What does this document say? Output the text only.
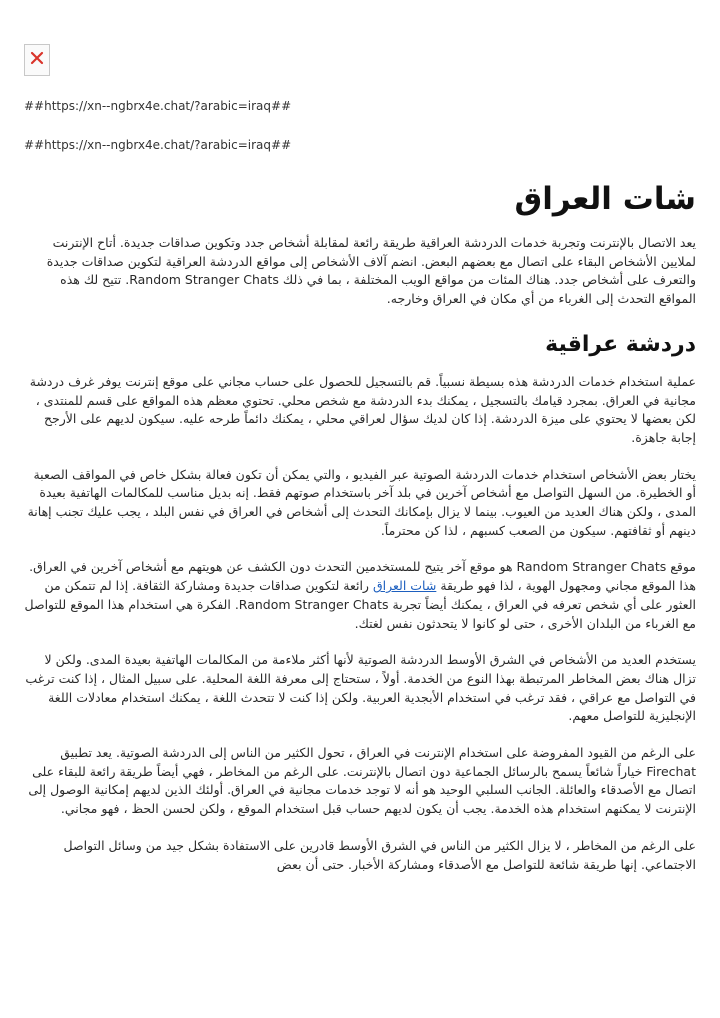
##https://xn--ngbrx4e.chat/?arabic=iraq##
##https://xn--ngbrx4e.chat/?arabic=iraq##
شات العراق

يعد الاتصال بالإنترنت وتجربة خدمات الدردشة العراقية طريقة رائعة لمقابلة أشخاص جدد وتكوين صداقات جديدة. أتاح الإنترنت لملايين الأشخاص البقاء على اتصال مع بعضهم البعض. انضم آلاف الأشخاص إلى مواقع الدردشة العراقية لتكوين صداقات جديدة والتعرف على أشخاص جدد. هناك المئات من مواقع الويب المختلفة ، بما في ذلك Random Stranger Chats. تتيح لك هذه المواقع التحدث إلى الغرباء من أي مكان في العراق وخارجه.

دردشة عراقية

عملية استخدام خدمات الدردشة هذه بسيطة نسبياً. قم بالتسجيل للحصول على حساب مجاني على موقع إنترنت يوفر غرف دردشة مجانية في العراق. بمجرد قيامك بالتسجيل ، يمكنك بدء الدردشة مع شخص محلي. تحتوي معظم هذه المواقع على قسم للمنتدى ، لكن بعضها لا يحتوي على ميزة الدردشة. إذا كان لديك سؤال لعراقي محلي ، يمكنك دائماً طرحه عليه. سيكون لديهم على الأرجح إجابة جاهزة.

يختار بعض الأشخاص استخدام خدمات الدردشة الصوتية عبر الفيديو ، والتي يمكن أن تكون فعالة بشكل خاص في المواقف الصعبة أو الخطيرة. من السهل التواصل مع أشخاص آخرين في بلد آخر باستخدام صوتهم فقط. إنه بديل مناسب للمكالمات الهاتفية بعيدة المدى ، ولكن هناك العديد من العيوب. بينما لا يزال بإمكانك التحدث إلى أشخاص في العراق في نفس البلد ، يجب عليك تجنب إهانة دينهم أو ثقافتهم. سيكون من الصعب كسبهم ، لذا كن محترماً.

موقع Random Stranger Chats هو موقع آخر يتيح للمستخدمين التحدث دون الكشف عن هويتهم مع أشخاص آخرين في العراق. هذا الموقع مجاني ومجهول الهوية ، لذا فهو طريقة شات العراق رائعة لتكوين صداقات جديدة ومشاركة الثقافة. إذا لم تتمكن من العثور على أي شخص تعرفه في العراق ، يمكنك أيضاً تجربة Random Stranger Chats. الفكرة هي استخدام هذا الموقع للتواصل مع الغرباء من البلدان الأخرى ، حتى لو كانوا لا يتحدثون نفس لغتك.

يستخدم العديد من الأشخاص في الشرق الأوسط الدردشة الصوتية لأنها أكثر ملاءمة من المكالمات الهاتفية بعيدة المدى. ولكن لا تزال هناك بعض المخاطر المرتبطة بهذا النوع من الخدمة. أولاً ، ستحتاج إلى معرفة اللغة المحلية. على سبيل المثال ، إذا كنت ترغب في التواصل مع عراقي ، فقد ترغب في استخدام الأبجدية العربية. ولكن إذا كنت لا تتحدث اللغة ، يمكنك استخدام معادلات اللغة الإنجليزية للتواصل معهم.

على الرغم من القيود المفروضة على استخدام الإنترنت في العراق ، تحول الكثير من الناس إلى الدردشة الصوتية. يعد تطبيق Firechat خياراً شائعاً يسمح بالرسائل الجماعية دون اتصال بالإنترنت. على الرغم من المخاطر ، فهي أيضاً طريقة رائعة للبقاء على اتصال مع الأصدقاء والعائلة. الجانب السلبي الوحيد هو أنه لا توجد خدمات مجانية في العراق. أولئك الذين لديهم إمكانية الوصول إلى الإنترنت لا يمكنهم استخدام هذه الخدمة. يجب أن يكون لديهم حساب قبل استخدام الموقع ، ولكن لحسن الحظ ، فهو مجاني.

على الرغم من المخاطر ، لا يزال الكثير من الناس في الشرق الأوسط قادرين على الاستفادة بشكل جيد من وسائل التواصل الاجتماعي. إنها طريقة شائعة للتواصل مع الأصدقاء ومشاركة الأخبار. حتى أن بعض
